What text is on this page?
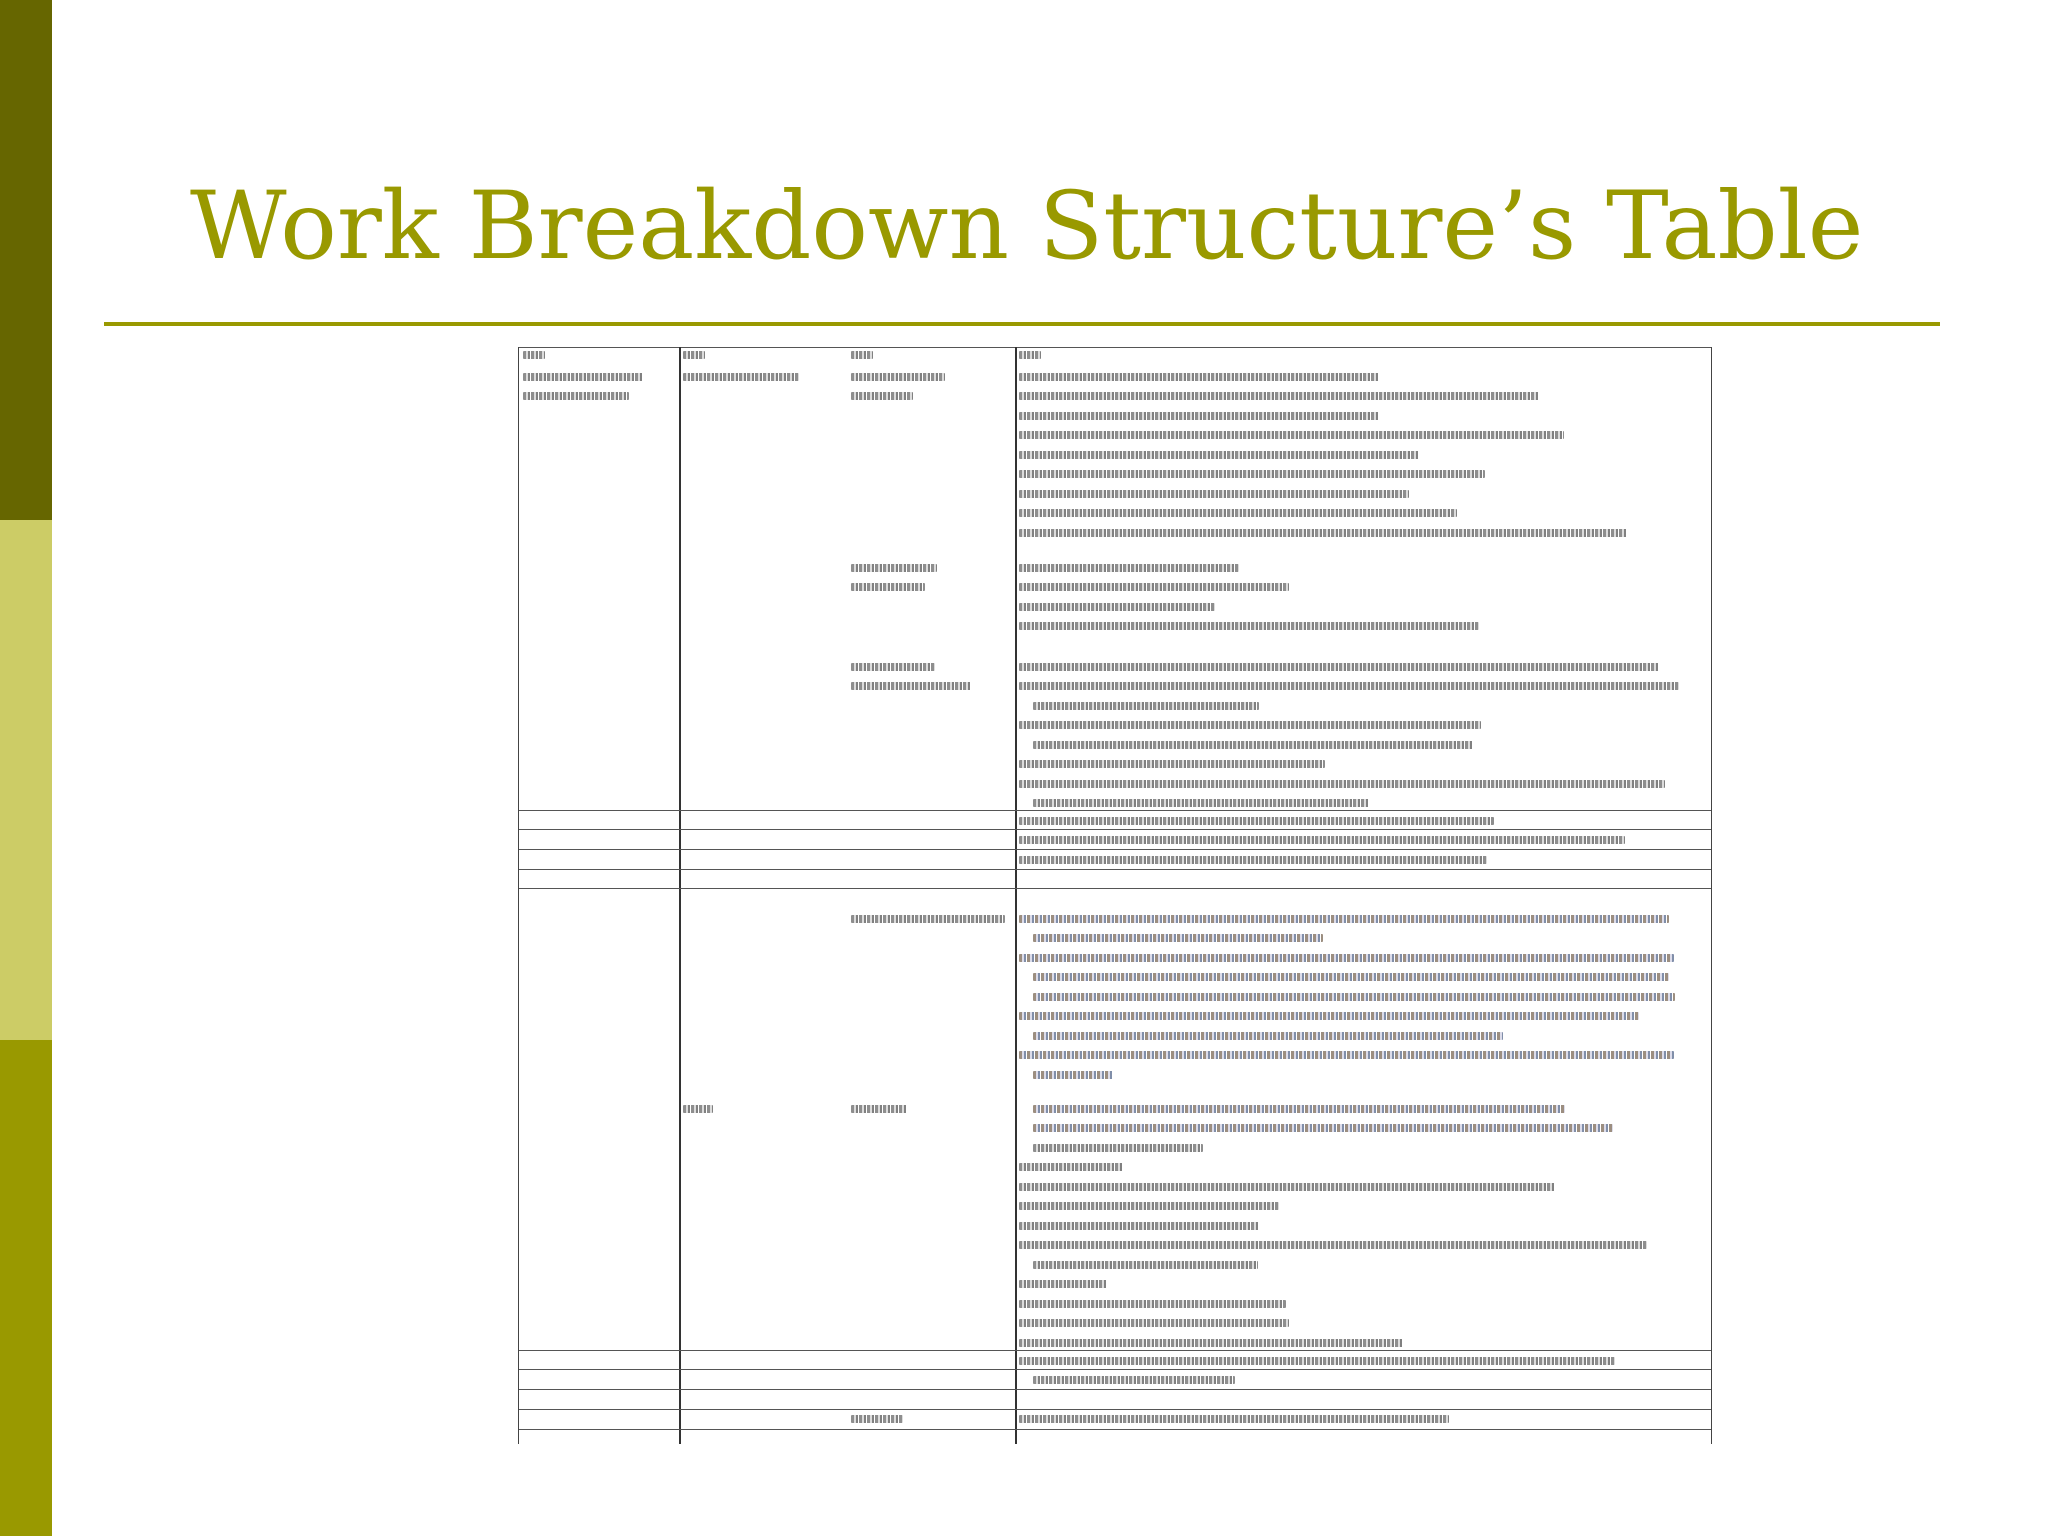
Work Breakdown Structure’s Table
